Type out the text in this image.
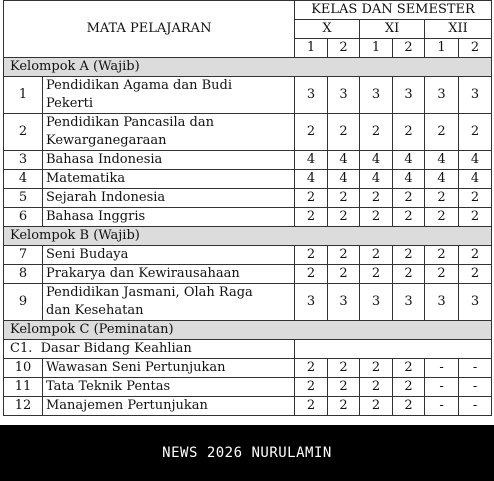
MATA PELAJARAN		KELAS DAN SEMESTER					
		X		XI		XII	
		1	2	1	2	1	2
Kelompok A (Wajib)							
1	Pendidikan Agama dan Budi
Pekerti	3	3	3	3	3	3
2	Pendidikan Pancasila dan
Kewarganegaraan	2	2	2	2	2	2
3	Bahasa Indonesia	4	4	4	4	4	4
4	Matematika	4	4	4	4	4	4
5	Sejarah Indonesia	2	2	2	2	2	2
6	Bahasa Inggris	2	2	2	2	2	2
Kelompok B (Wajib)							
7	Seni Budaya	2	2	2	2	2	2
8	Prakarya dan Kewirausahaan	2	2	2	2	2	2
9	Pendidikan Jasmani, Olah Raga
dan Kesehatan	3	3	3	3	3	3
Kelompok C (Peminatan)							
C1.  Dasar Bidang Keahlian							
10	Wawasan Seni Pertunjukan	2	2	2	2	-	-
11	Tata Teknik Pentas	2	2	2	2	-	-
12	Manajemen Pertunjukan	2	2	2	2	-	-
NEWS 2026 NURULAMIN
